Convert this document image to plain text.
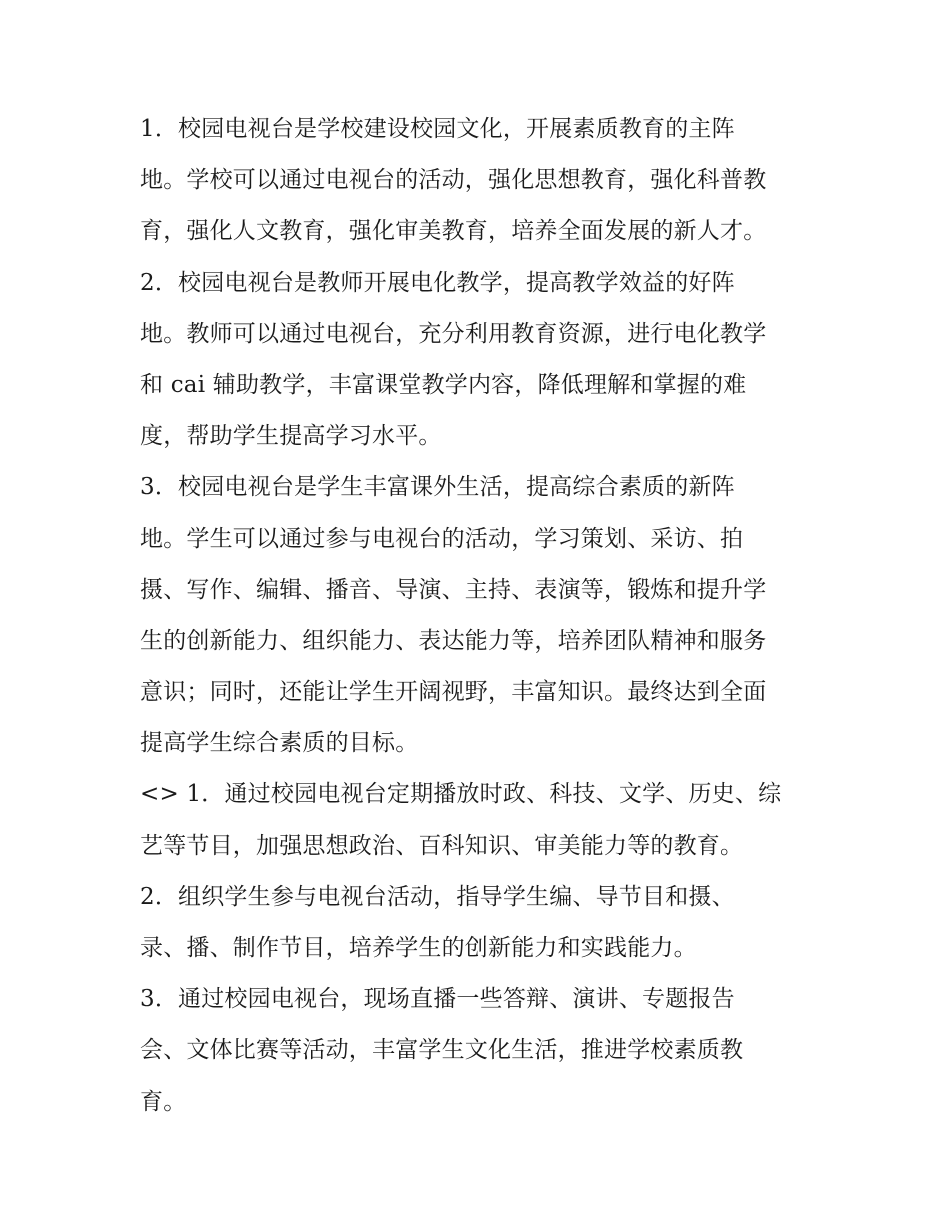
1．校园电视台是学校建设校园文化，开展素质教育的主阵
地。学校可以通过电视台的活动，强化思想教育，强化科普教
育，强化人文教育，强化审美教育，培养全面发展的新人才。
2．校园电视台是教师开展电化教学，提高教学效益的好阵
地。教师可以通过电视台，充分利用教育资源，进行电化教学
和 cai 辅助教学，丰富课堂教学内容，降低理解和掌握的难
度，帮助学生提高学习水平。
3．校园电视台是学生丰富课外生活，提高综合素质的新阵
地。学生可以通过参与电视台的活动，学习策划、采访、拍
摄、写作、编辑、播音、导演、主持、表演等，锻炼和提升学
生的创新能力、组织能力、表达能力等，培养团队精神和服务
意识；同时，还能让学生开阔视野，丰富知识。最终达到全面
提高学生综合素质的目标。
<> 1．通过校园电视台定期播放时政、科技、文学、历史、综
艺等节目，加强思想政治、百科知识、审美能力等的教育。
2．组织学生参与电视台活动，指导学生编、导节目和摄、
录、播、制作节目，培养学生的创新能力和实践能力。
3．通过校园电视台，现场直播一些答辩、演讲、专题报告
会、文体比赛等活动，丰富学生文化生活，推进学校素质教
育。
